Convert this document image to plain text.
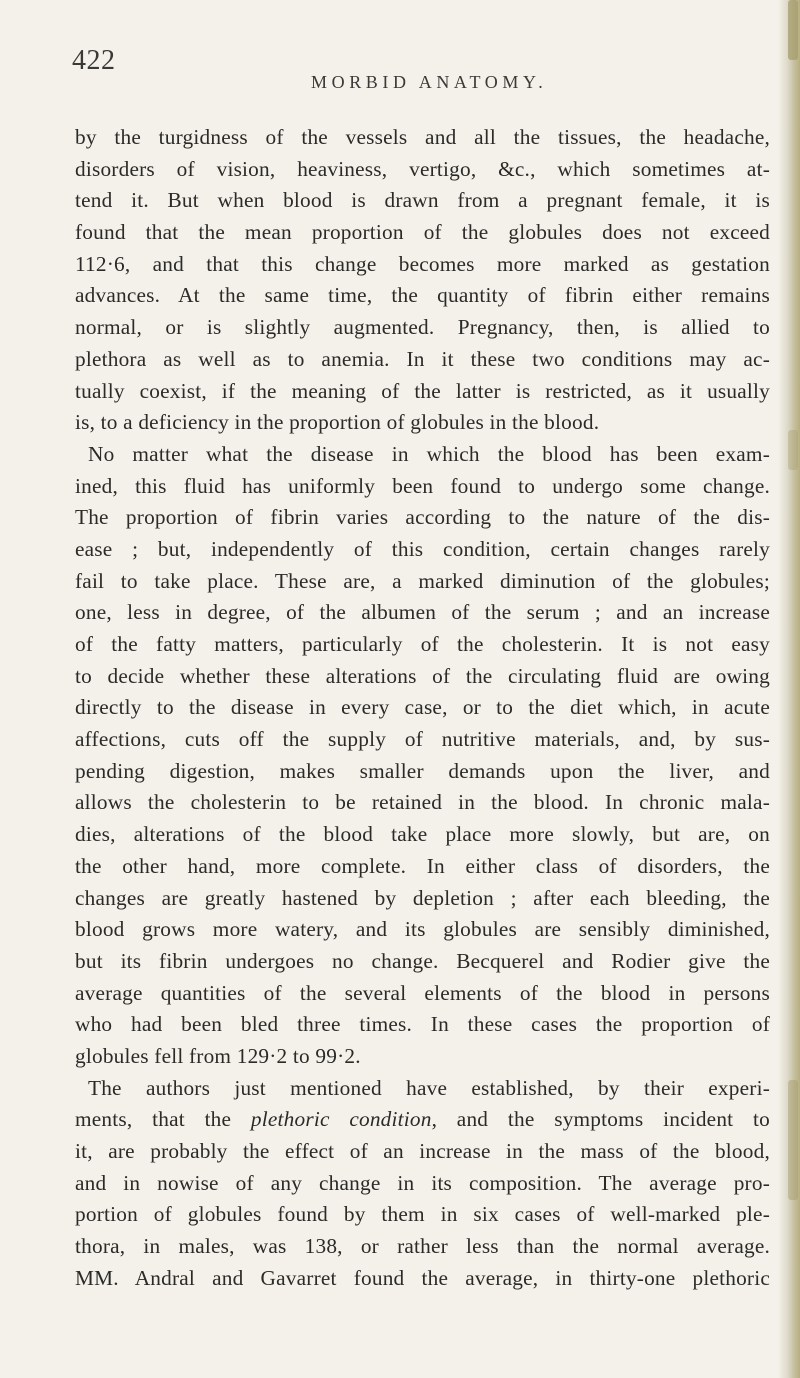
422
MORBID ANATOMY.
by the turgidness of the vessels and all the tissues, the headache,
disorders of vision, heaviness, vertigo, &c., which sometimes at-
tend it. But when blood is drawn from a pregnant female, it is
found that the mean proportion of the globules does not exceed
112·6, and that this change becomes more marked as gestation
advances. At the same time, the quantity of fibrin either remains
normal, or is slightly augmented. Pregnancy, then, is allied to
plethora as well as to anemia. In it these two conditions may ac-
tually coexist, if the meaning of the latter is restricted, as it usually
is, to a deficiency in the proportion of globules in the blood.
No matter what the disease in which the blood has been exam-
ined, this fluid has uniformly been found to undergo some change.
The proportion of fibrin varies according to the nature of the dis-
ease ; but, independently of this condition, certain changes rarely
fail to take place. These are, a marked diminution of the globules;
one, less in degree, of the albumen of the serum ; and an increase
of the fatty matters, particularly of the cholesterin. It is not easy
to decide whether these alterations of the circulating fluid are owing
directly to the disease in every case, or to the diet which, in acute
affections, cuts off the supply of nutritive materials, and, by sus-
pending digestion, makes smaller demands upon the liver, and
allows the cholesterin to be retained in the blood. In chronic mala-
dies, alterations of the blood take place more slowly, but are, on
the other hand, more complete. In either class of disorders, the
changes are greatly hastened by depletion ; after each bleeding, the
blood grows more watery, and its globules are sensibly diminished,
but its fibrin undergoes no change. Becquerel and Rodier give the
average quantities of the several elements of the blood in persons
who had been bled three times. In these cases the proportion of
globules fell from 129·2 to 99·2.
The authors just mentioned have established, by their experi-
ments, that the plethoric condition, and the symptoms incident to
it, are probably the effect of an increase in the mass of the blood,
and in nowise of any change in its composition. The average pro-
portion of globules found by them in six cases of well-marked ple-
thora, in males, was 138, or rather less than the normal average.
MM. Andral and Gavarret found the average, in thirty-one plethoric
